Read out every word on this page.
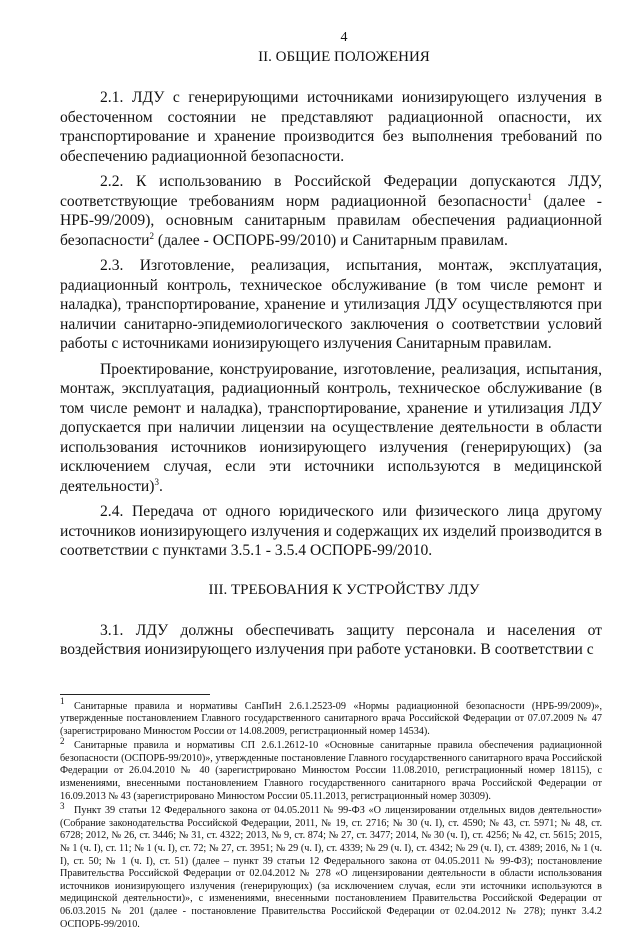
4
II. ОБЩИЕ ПОЛОЖЕНИЯ

2.1. ЛДУ с генерирующими источниками ионизирующего излучения в обесточенном состоянии не представляют радиационной опасности, их транспортирование и хранение производится без выполнения требований по обеспечению радиационной безопасности.

2.2. К использованию в Российской Федерации допускаются ЛДУ, соответствующие требованиям норм радиационной безопасности$^1$ (далее - НРБ-99/2009), основным санитарным правилам обеспечения радиационной безопасности$^2$ (далее - ОСПОРБ-99/2010) и Санитарным правилам.

2.3. Изготовление, реализация, испытания, монтаж, эксплуатация, радиационный контроль, техническое обслуживание (в том числе ремонт и наладка), транспортирование, хранение и утилизация ЛДУ осуществляются при наличии санитарно-эпидемиологического заключения о соответствии условий работы с источниками ионизирующего излучения Санитарным правилам.

Проектирование, конструирование, изготовление, реализация, испытания, монтаж, эксплуатация, радиационный контроль, техническое обслуживание (в том числе ремонт и наладка), транспортирование, хранение и утилизация ЛДУ допускается при наличии лицензии на осуществление деятельности в области использования источников ионизирующего излучения (генерирующих) (за исключением случая, если эти источники используются в медицинской деятельности)$^3$.

2.4. Передача от одного юридического или физического лица другому источников ионизирующего излучения и содержащих их изделий производится в соответствии с пунктами 3.5.1 - 3.5.4 ОСПОРБ-99/2010.

III. ТРЕБОВАНИЯ К УСТРОЙСТВУ ЛДУ

3.1. ЛДУ должны обеспечивать защиту персонала и населения от воздействия ионизирующего излучения при работе установки. В соответствии с

$^1$ Санитарные правила и нормативы СанПиН 2.6.1.2523-09 «Нормы радиационной безопасности (НРБ-99/2009)», утвержденные постановлением Главного государственного санитарного врача Российской Федерации от 07.07.2009 № 47 (зарегистрировано Минюстом России от 14.08.2009, регистрационный номер 14534).

$^2$ Санитарные правила и нормативы СП 2.6.1.2612-10 «Основные санитарные правила обеспечения радиационной безопасности (ОСПОРБ-99/2010)», утвержденные постановление Главного государственного санитарного врача Российской Федерации от 26.04.2010 № 40 (зарегистрировано Минюстом России 11.08.2010, регистрационный номер 18115), с изменениями, внесенными постановлением Главного государственного санитарного врача Российской Федерации от 16.09.2013 № 43 (зарегистрировано Минюстом России 05.11.2013, регистрационный номер 30309).

$^3$ Пункт 39 статьи 12 Федерального закона от 04.05.2011 № 99-ФЗ «О лицензировании отдельных видов деятельности» (Собрание законодательства Российской Федерации, 2011, № 19, ст. 2716; № 30 (ч. I), ст. 4590; № 43, ст. 5971; № 48, ст. 6728; 2012, № 26, ст. 3446; № 31, ст. 4322; 2013, № 9, ст. 874; № 27, ст. 3477; 2014, № 30 (ч. I), ст. 4256; № 42, ст. 5615; 2015, № 1 (ч. I), ст. 11; № 1 (ч. I), ст. 72; № 27, ст. 3951; № 29 (ч. I), ст. 4339; № 29 (ч. I), ст. 4342; № 29 (ч. I), ст. 4389; 2016, № 1 (ч. I), ст. 50; № 1 (ч. I), ст. 51) (далее – пункт 39 статьи 12 Федерального закона от 04.05.2011 № 99-ФЗ); постановление Правительства Российской Федерации от 02.04.2012 № 278 «О лицензировании деятельности в области использования источников ионизирующего излучения (генерирующих) (за исключением случая, если эти источники используются в медицинской деятельности)», с изменениями, внесенными постановлением Правительства Российской Федерации от 06.03.2015 № 201 (далее - постановление Правительства Российской Федерации от 02.04.2012 № 278); пункт 3.4.2 ОСПОРБ-99/2010.
